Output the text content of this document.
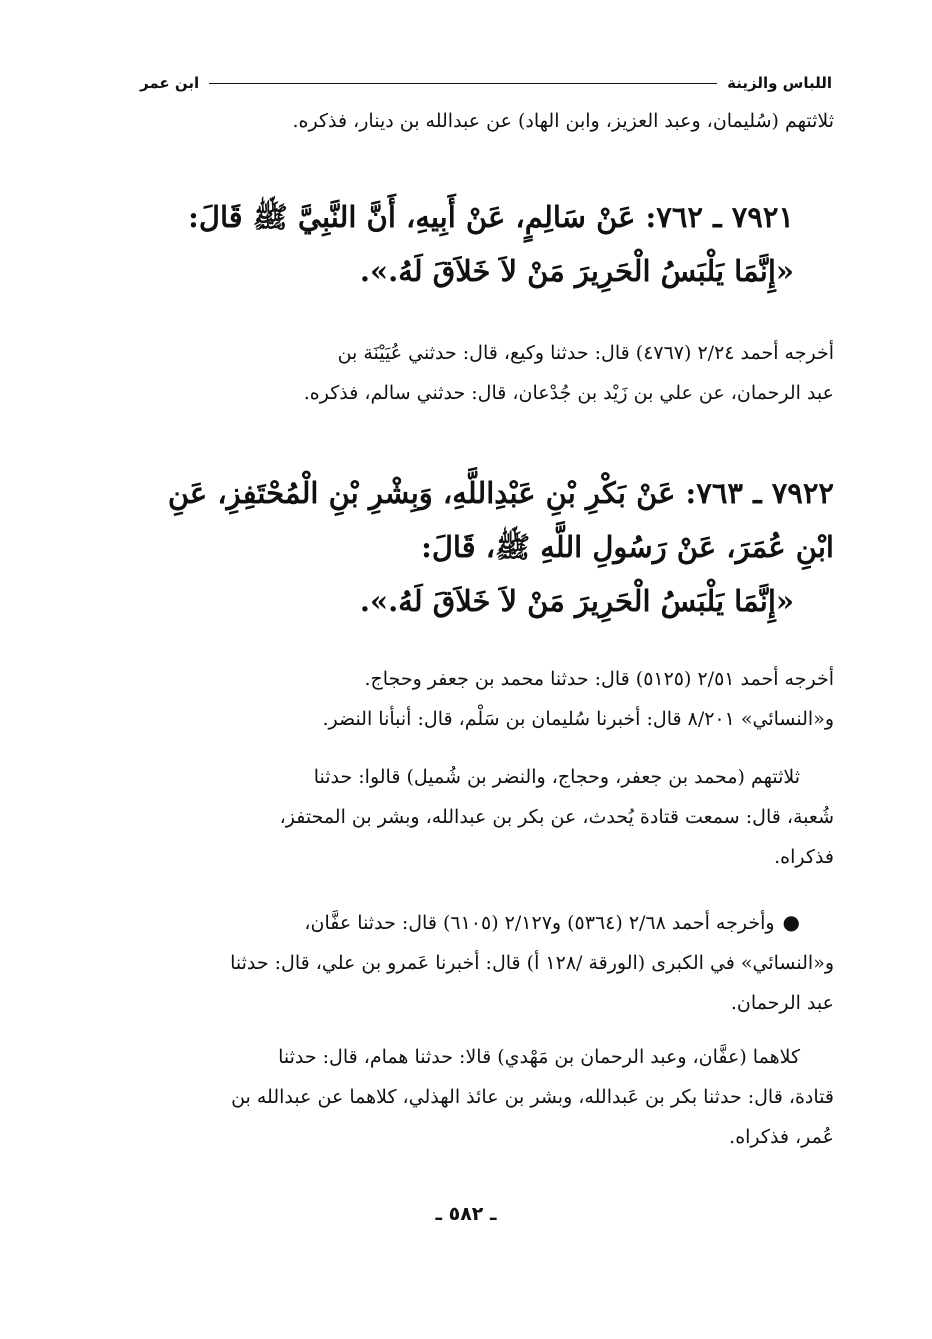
اللباس والزينة
ابن عمر
ثلاثتهم (سُليمان، وعبد العزيز، وابن الهاد) عن عبدالله بن دينار، فذكره.
٧٩٢١ ـ ٧٦٢: عَنْ سَالِمٍ، عَنْ أَبِيهِ، أَنَّ النَّبِيَّ ﷺ قَالَ:
«إِنَّمَا يَلْبَسُ الْحَرِيرَ مَنْ لاَ خَلاَقَ لَهُ.».
أخرجه أحمد ٢/٢٤ (٤٧٦٧) قال: حدثنا وكيع، قال: حدثني عُيَيْنَة بن
عبد الرحمان، عن علي بن زَيْد بن جُدْعان، قال: حدثني سالم، فذكره.
٧٩٢٢ ـ ٧٦٣: عَنْ بَكْرِ بْنِ عَبْدِاللَّهِ، وَبِشْرِ بْنِ الْمُحْتَفِزِ، عَنِ
ابْنِ عُمَرَ، عَنْ رَسُولِ اللَّهِ ﷺ، قَالَ:
«إِنَّمَا يَلْبَسُ الْحَرِيرَ مَنْ لاَ خَلاَقَ لَهُ.».
أخرجه أحمد ٢/٥١ (٥١٢٥) قال: حدثنا محمد بن جعفر وحجاج.
و«النسائي» ٨/٢٠١ قال: أخبرنا سُليمان بن سَلْم، قال: أنبأنا النضر.
ثلاثتهم (محمد بن جعفر، وحجاج، والنضر بن شُميل) قالوا: حدثنا
شُعبة، قال: سمعت قتادة يُحدث، عن بكر بن عبدالله، وبشر بن المحتفز،
فذكراه.
●وأخرجه أحمد ٢/٦٨ (٥٣٦٤) و٢/١٢٧ (٦١٠٥) قال: حدثنا عفَّان،
و«النسائي» في الكبرى (الورقة /١٢٨ أ) قال: أخبرنا عَمرو بن علي، قال: حدثنا
عبد الرحمان.
كلاهما (عفَّان، وعبد الرحمان بن مَهْدي) قالا: حدثنا همام، قال: حدثنا
قتادة، قال: حدثنا بكر بن عَبدالله، وبشر بن عائذ الهذلي، كلاهما عن عبدالله بن
عُمر، فذكراه.
ـ ٥٨٢ ـ
